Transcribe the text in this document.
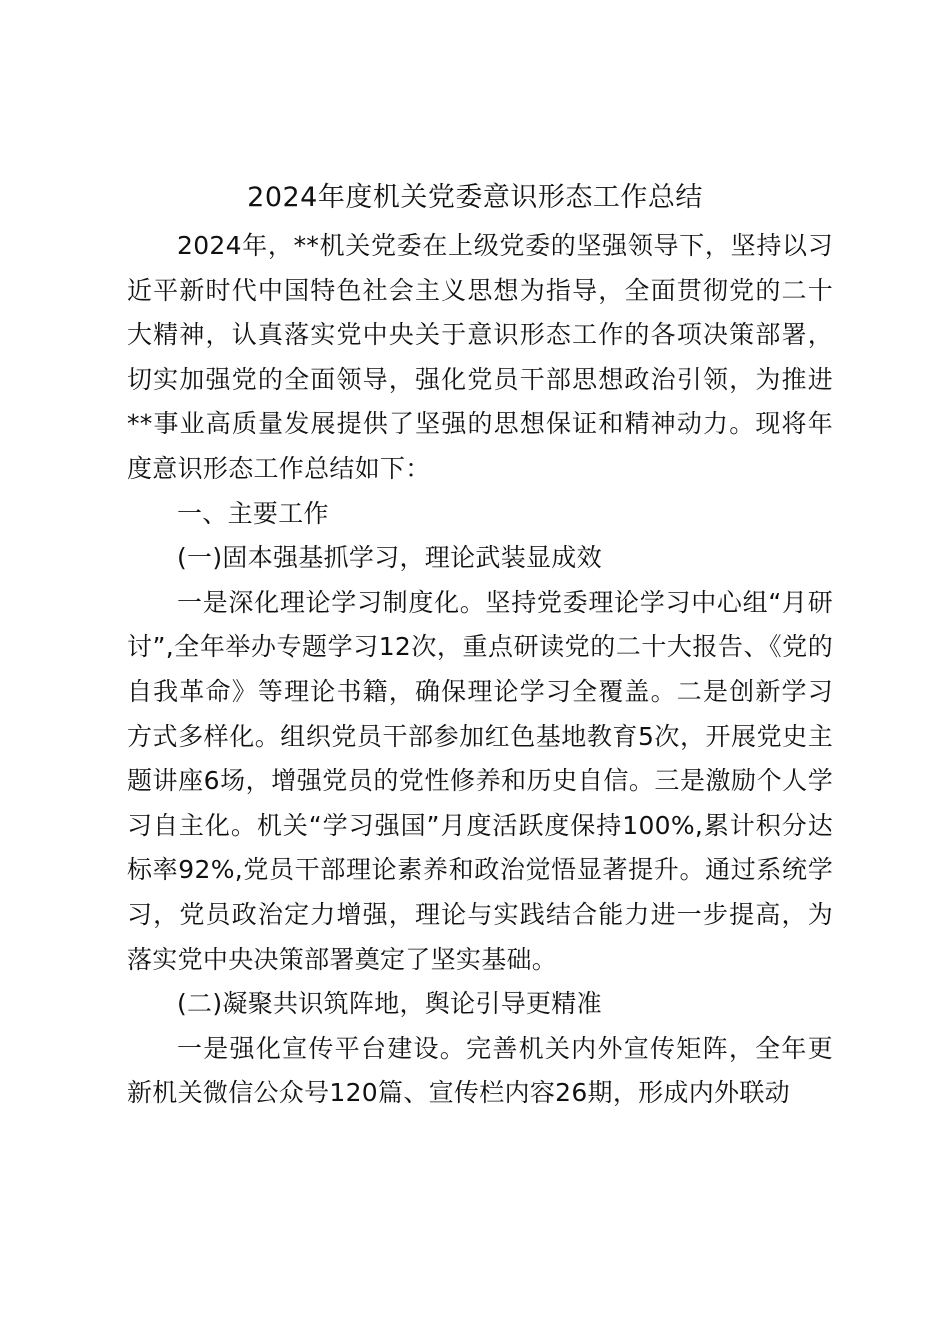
2024年度机关党委意识形态工作总结

2024年，**机关党委在上级党委的坚强领导下，坚持以习近平新时代中国特色社会主义思想为指导，全面贯彻党的二十大精神，认真落实党中央关于意识形态工作的各项决策部署，切实加强党的全面领导，强化党员干部思想政治引领，为推进**事业高质量发展提供了坚强的思想保证和精神动力。现将年度意识形态工作总结如下：

一、主要工作

(一)固本强基抓学习，理论武装显成效

一是深化理论学习制度化。坚持党委理论学习中心组“月研讨”,全年举办专题学习12次，重点研读党的二十大报告、《党的自我革命》等理论书籍，确保理论学习全覆盖。二是创新学习方式多样化。组织党员干部参加红色基地教育5次，开展党史主题讲座6场，增强党员的党性修养和历史自信。三是激励个人学习自主化。机关“学习强国”月度活跃度保持100%,累计积分达标率92%,党员干部理论素养和政治觉悟显著提升。通过系统学习，党员政治定力增强，理论与实践结合能力进一步提高，为落实党中央决策部署奠定了坚实基础。

(二)凝聚共识筑阵地，舆论引导更精准

一是强化宣传平台建设。完善机关内外宣传矩阵，全年更新机关微信公众号120篇、宣传栏内容26期，形成内外联动
